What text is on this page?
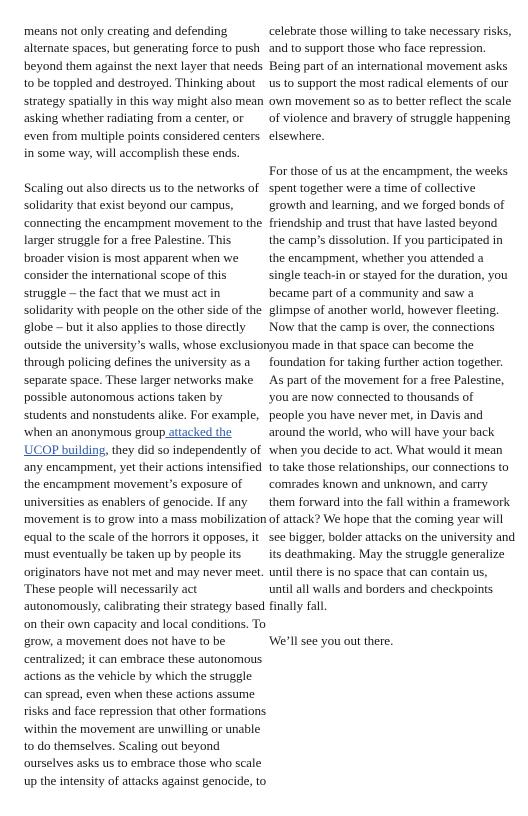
means not only creating and defending
alternate spaces, but generating force to push
beyond them against the next layer that needs
to be toppled and destroyed. Thinking about
strategy spatially in this way might also mean
asking whether radiating from a center, or
even from multiple points considered centers
in some way, will accomplish these ends.
Scaling out also directs us to the networks of
solidarity that exist beyond our campus,
connecting the encampment movement to the
larger struggle for a free Palestine. This
broader vision is most apparent when we
consider the international scope of this
struggle – the fact that we must act in
solidarity with people on the other side of the
globe – but it also applies to those directly
outside the university’s walls, whose exclusion
through policing defines the university as a
separate space. These larger networks make
possible autonomous actions taken by
students and nonstudents alike. For example,
when an anonymous group attacked the
UCOP building, they did so independently of
any encampment, yet their actions intensified
the encampment movement’s exposure of
universities as enablers of genocide. If any
movement is to grow into a mass mobilization
equal to the scale of the horrors it opposes, it
must eventually be taken up by people its
originators have not met and may never meet.
These people will necessarily act
autonomously, calibrating their strategy based
on their own capacity and local conditions. To
grow, a movement does not have to be
centralized; it can embrace these autonomous
actions as the vehicle by which the struggle
can spread, even when these actions assume
risks and face repression that other formations
within the movement are unwilling or unable
to do themselves. Scaling out beyond
ourselves asks us to embrace those who scale
up the intensity of attacks against genocide, to
celebrate those willing to take necessary risks,
and to support those who face repression.
Being part of an international movement asks
us to support the most radical elements of our
own movement so as to better reflect the scale
of violence and bravery of struggle happening
elsewhere.
For those of us at the encampment, the weeks
spent together were a time of collective
growth and learning, and we forged bonds of
friendship and trust that have lasted beyond
the camp’s dissolution. If you participated in
the encampment, whether you attended a
single teach-in or stayed for the duration, you
became part of a community and saw a
glimpse of another world, however fleeting.
Now that the camp is over, the connections
you made in that space can become the
foundation for taking further action together.
As part of the movement for a free Palestine,
you are now connected to thousands of
people you have never met, in Davis and
around the world, who will have your back
when you decide to act. What would it mean
to take those relationships, our connections to
comrades known and unknown, and carry
them forward into the fall within a framework
of attack? We hope that the coming year will
see bigger, bolder attacks on the university and
its deathmaking. May the struggle generalize
until there is no space that can contain us,
until all walls and borders and checkpoints
finally fall.
We’ll see you out there.
